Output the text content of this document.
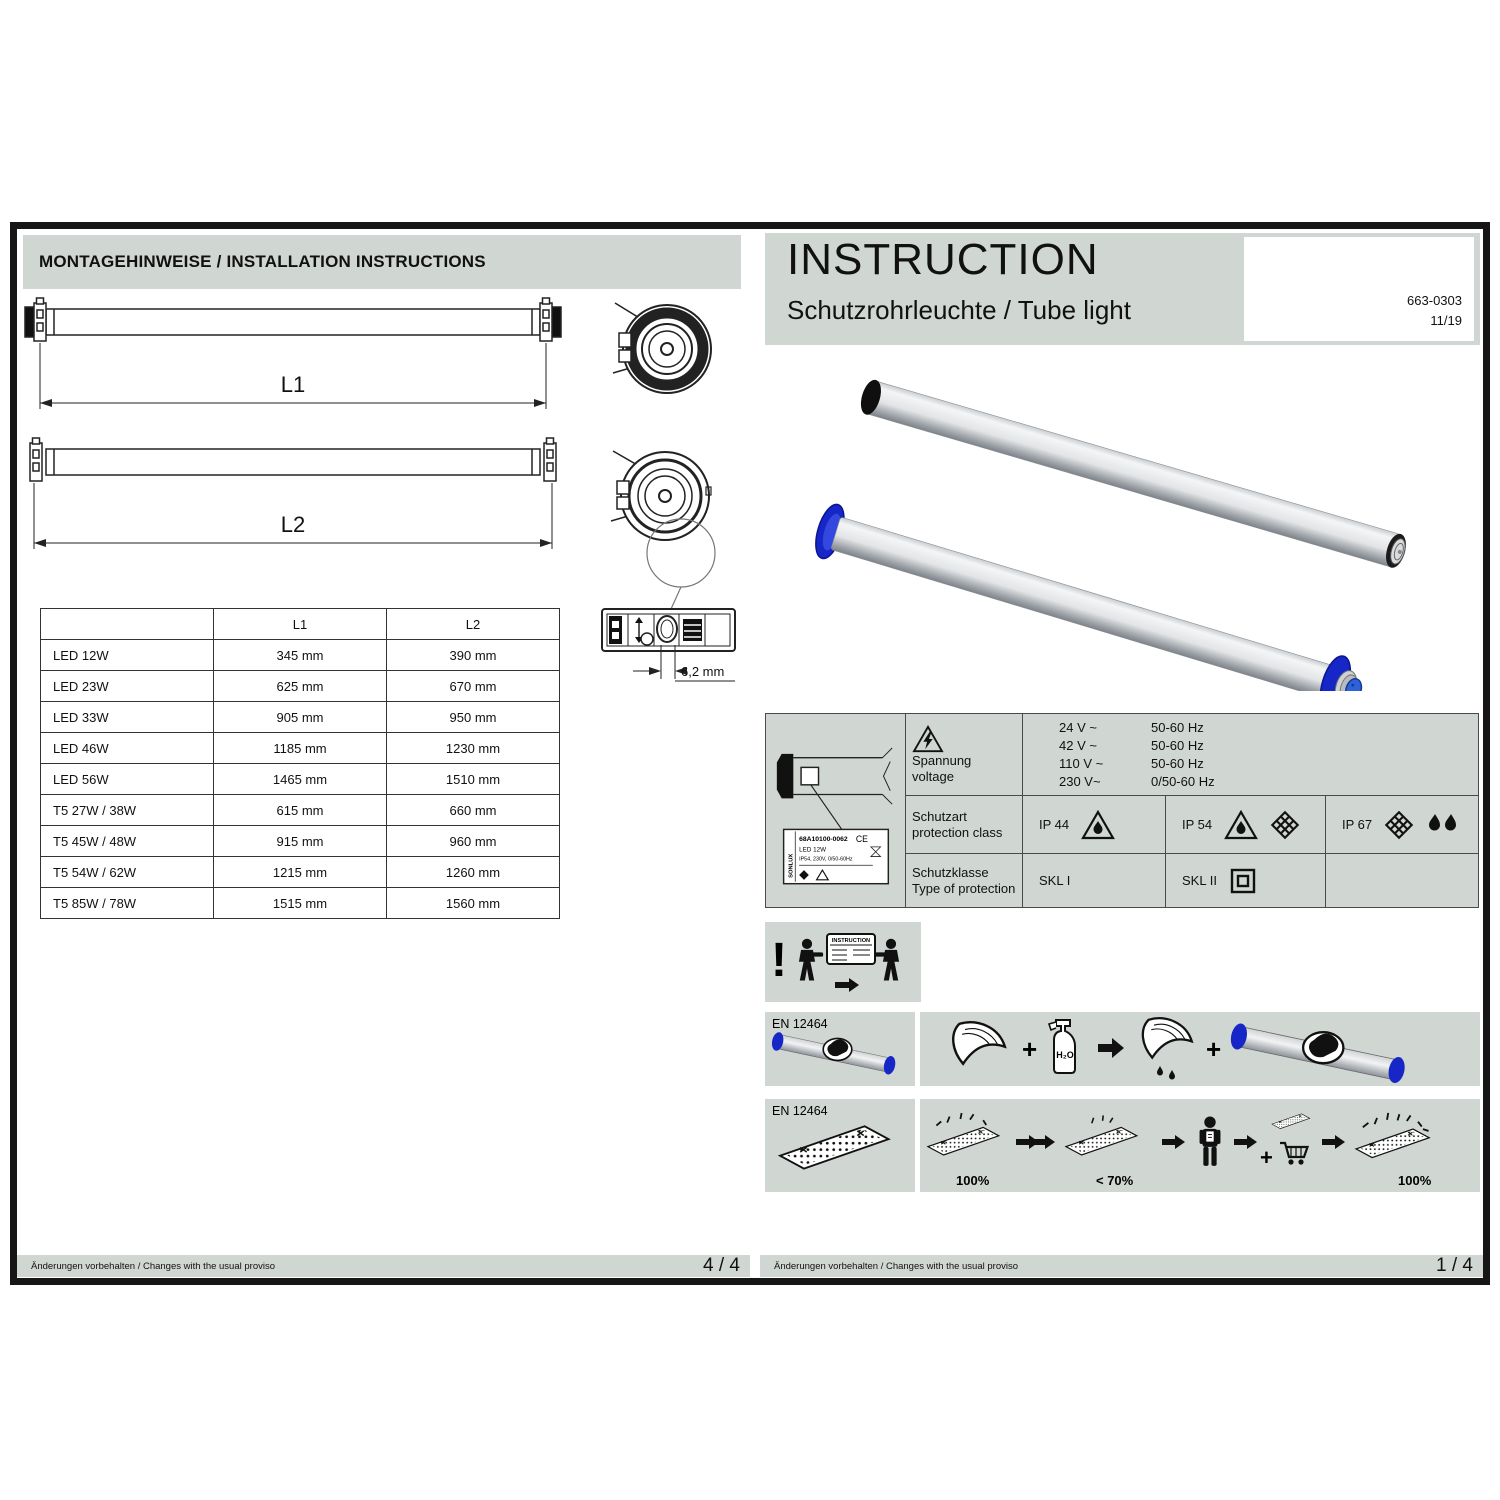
MONTAGEHINWEISE / INSTALLATION INSTRUCTIONS
L1
L2
6,2 mm
	L1	L2
LED 12W	345 mm	390 mm
LED 23W	625 mm	670 mm
LED 33W	905 mm	950 mm
LED 46W	1185 mm	1230 mm
LED 56W	1465 mm	1510 mm
T5 27W / 38W	615 mm	660 mm
T5 45W / 48W	915 mm	960 mm
T5 54W / 62W	1215 mm	1260 mm
T5 85W / 78W	1515 mm	1560 mm
Änderungen vorbehalten / Changes with the usual proviso	4 / 4
INSTRUCTION
Schutzrohrleuchte / Tube light	663-0303
11/19
SONLUX
68A10100-0062
LED 12W
IP54, 230V, 0/50-60Hz
CE

Spannung
voltage

24 V ~	50-60 Hz
42 V ~	50-60 Hz
110 V ~	50-60 Hz
230 V~	0/50-60 Hz

	Schutzart
protection class	IP 44	IP 54	IP 67

	Schutzklasse
Type of protection	SKL I	SKL II	

!	INSTRUCTION
EN 12464
+ H₂O	+
EN 12464
100%	< 70%
+
100%
Änderungen vorbehalten / Changes with the usual proviso	1 / 4
